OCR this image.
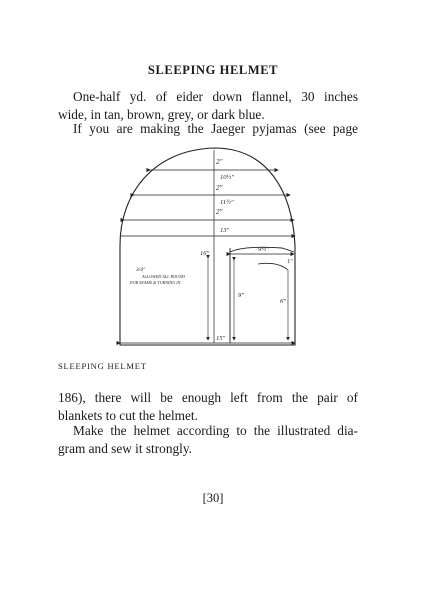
SLEEPING HELMET
One-half yd. of eider down flannel, 30 inches
wide, in tan, brown, grey, or dark blue.
If you are making the Jaeger pyjamas (see page
2"
10½"
2"
11½"
2"
13"
9½"
16"
1"
3/4"
ALLOWED ALL ROUND
FOR SEAMS & TURNING IN
9"
6"
15"
SLEEPING HELMET
186), there will be enough left from the pair of
blankets to cut the helmet.
Make the helmet according to the illustrated dia-
gram and sew it strongly.
[30]
